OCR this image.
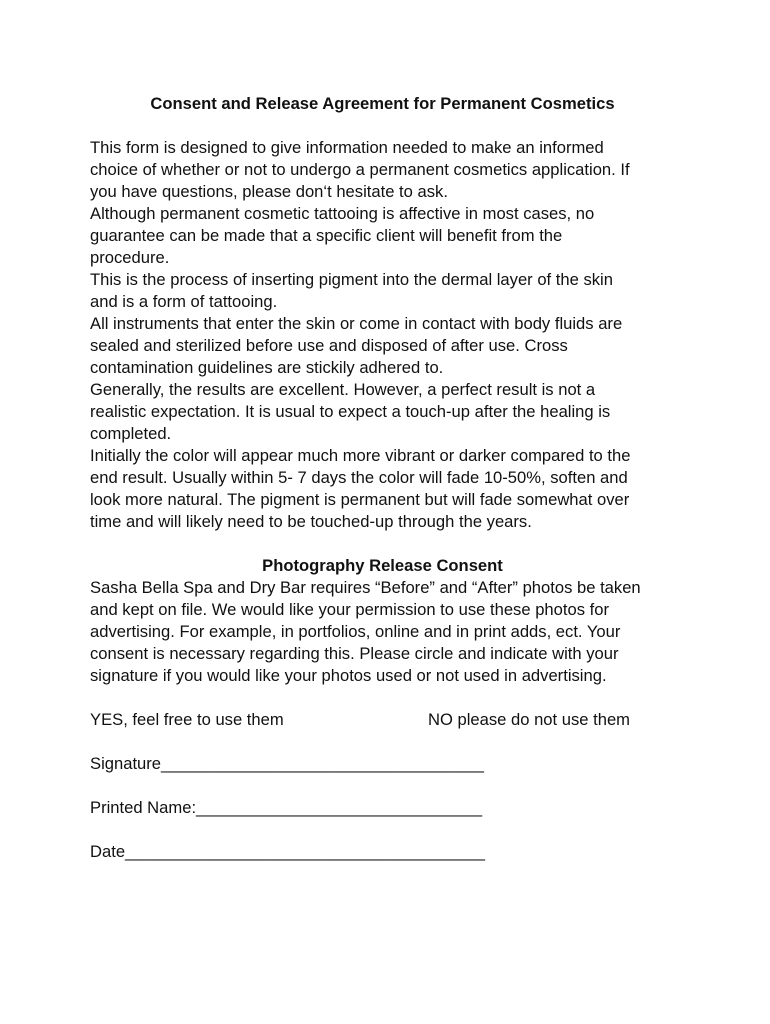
Consent and Release Agreement for Permanent Cosmetics
This form is designed to give information needed to make an informed
choice of whether or not to undergo a permanent cosmetics application. If
you have questions, please don‘t hesitate to ask.
Although permanent cosmetic tattooing is affective in most cases, no
guarantee can be made that a specific client will benefit from the
procedure.
This is the process of inserting pigment into the dermal layer of the skin
and is a form of tattooing.
All instruments that enter the skin or come in contact with body fluids are
sealed and sterilized before use and disposed of after use. Cross
contamination guidelines are stickily adhered to.
Generally, the results are excellent. However, a perfect result is not a
realistic expectation. It is usual to expect a touch-up after the healing is
completed.
Initially the color will appear much more vibrant or darker compared to the
end result. Usually within 5- 7 days the color will fade 10-50%, soften and
look more natural. The pigment is permanent but will fade somewhat over
time and will likely need to be touched-up through the years.
Photography Release Consent
Sasha Bella Spa and Dry Bar requires “Before” and “After” photos be taken
and kept on file. We would like your permission to use these photos for
advertising. For example, in portfolios, online and in print adds, ect. Your
consent is necessary regarding this. Please circle and indicate with your
signature if you would like your photos used or not used in advertising.
YES, feel free to use them	NO please do not use them
Signature___________________________________
Printed Name:_______________________________
Date_______________________________________
